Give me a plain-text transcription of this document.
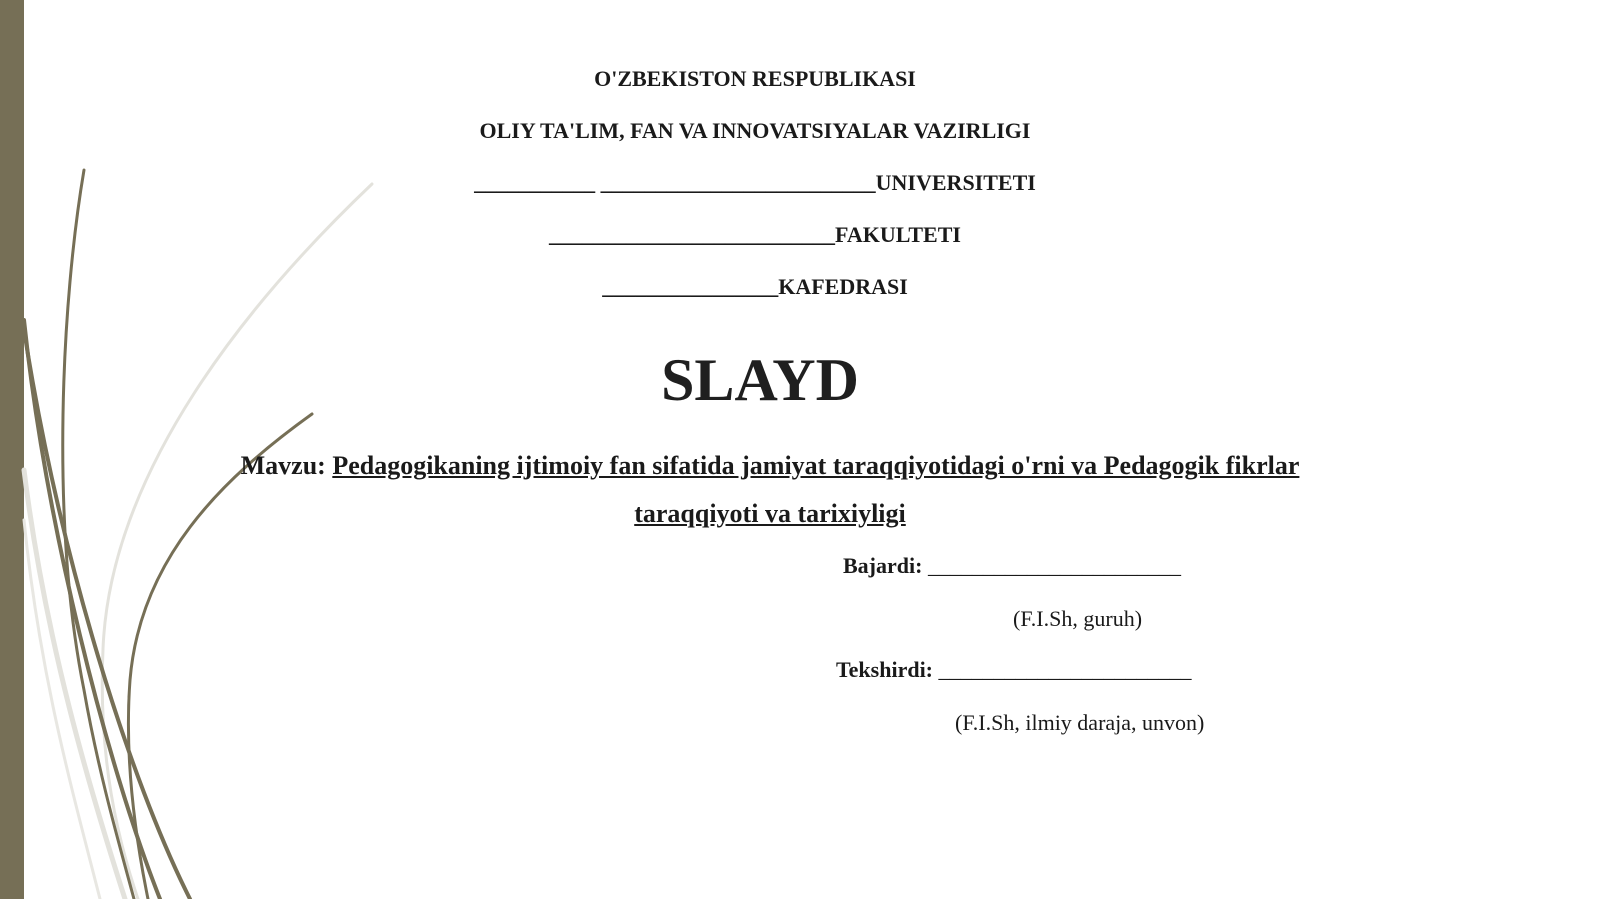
O'ZBEKISTON RESPUBLIKASI
OLIY TA'LIM, FAN VA INNOVATSIYALAR VAZIRLIGI
___________ _________________________UNIVERSITETI
__________________________FAKULTETI
________________KAFEDRASI
SLAYD
Mavzu: Pedagogikaning ijtimoiy fan sifatida jamiyat taraqqiyotidagi o'rni va Pedagogik fikrlar taraqqiyoti va tarixiyligi
Bajardi: _______________________
(F.I.Sh, guruh)
Tekshirdi: _______________________
(F.I.Sh, ilmiy daraja, unvon)
